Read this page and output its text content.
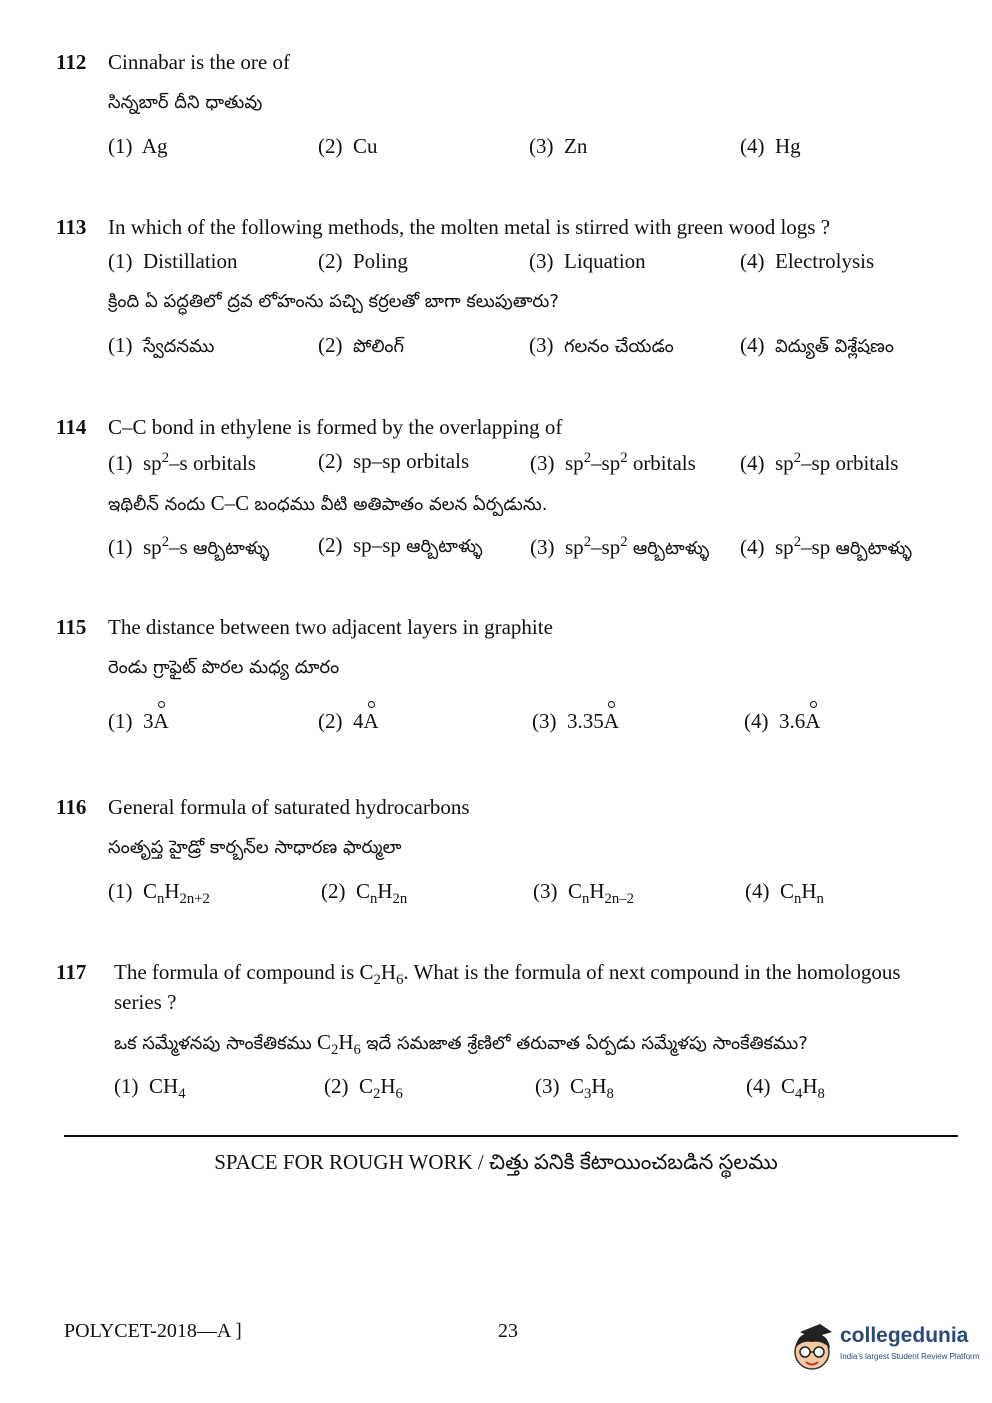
112 Cinnabar is the ore of
సిన్నబార్ దీని ధాతువు
(1) Ag	(2) Cu	(3) Zn	(4) Hg
113 In which of the following methods, the molten metal is stirred with green wood logs ?
(1) Distillation	(2) Poling	(3) Liquation	(4) Electrolysis
క్రింది ఏ పద్ధతిలో ద్రవ లోహంను పచ్చి కర్రలతో బాగా కలుపుతారు?
(1) స్వేదనము	(2) పోలింగ్	(3) గలనం చేయడం	(4) విద్యుత్ విశ్లేషణం
114 C–C bond in ethylene is formed by the overlapping of
(1) $sp^2-s$ orbitals	(2) sp–sp orbitals	(3) $sp^2-sp^2$ orbitals (4) $sp^2-sp$ orbitals
ఇథిలీన్ నందు C–C బంధము వీటి అతిపాతం వలన ఏర్పడును.
(1) $sp^2-s$ ఆర్బిటాళ్ళు (2) sp–sp ఆర్బిటాళ్ళు (3) $sp^2-sp^2$ ఆర్బిటాళ్ళు (4) $sp^2-sp$ ఆర్బిటాళ్ళు
115 The distance between two adjacent layers in graphite
రెండు గ్రాఫైట్ పొరల మధ్య దూరం
(1) 3A	(2) 4A	(3) 3.35A	(4) 3.6A
116 General formula of saturated hydrocarbons
సంతృప్త హైడ్రో కార్బన్‌ల సాధారణ ఫార్ములా
(1) $C_nH_{2n+2}$	(2) $C_nH_{2n}$	(3) $C_nH_{2n-2}$	(4) $C_nH_n$
117 The formula of compound is $C_2H_6$. What is the formula of next compound in the homologous
series ?
ఒక సమ్మేళనపు సాంకేతికము $C_2H_6$ ఇదే సమజాత శ్రేణిలో తరువాత ఏర్పడు సమ్మేళపు సాంకేతికము?
(1) $CH_4$	(2) $C_2H_6$	(3) $C_3H_8$	(4) $C_4H_8$
SPACE FOR ROUGH WORK / చిత్తు పనికి కేటాయించబడిన స్థలము
POLYCET-2018—A ]	23	collegedunia
India's largest Student Review Platform
